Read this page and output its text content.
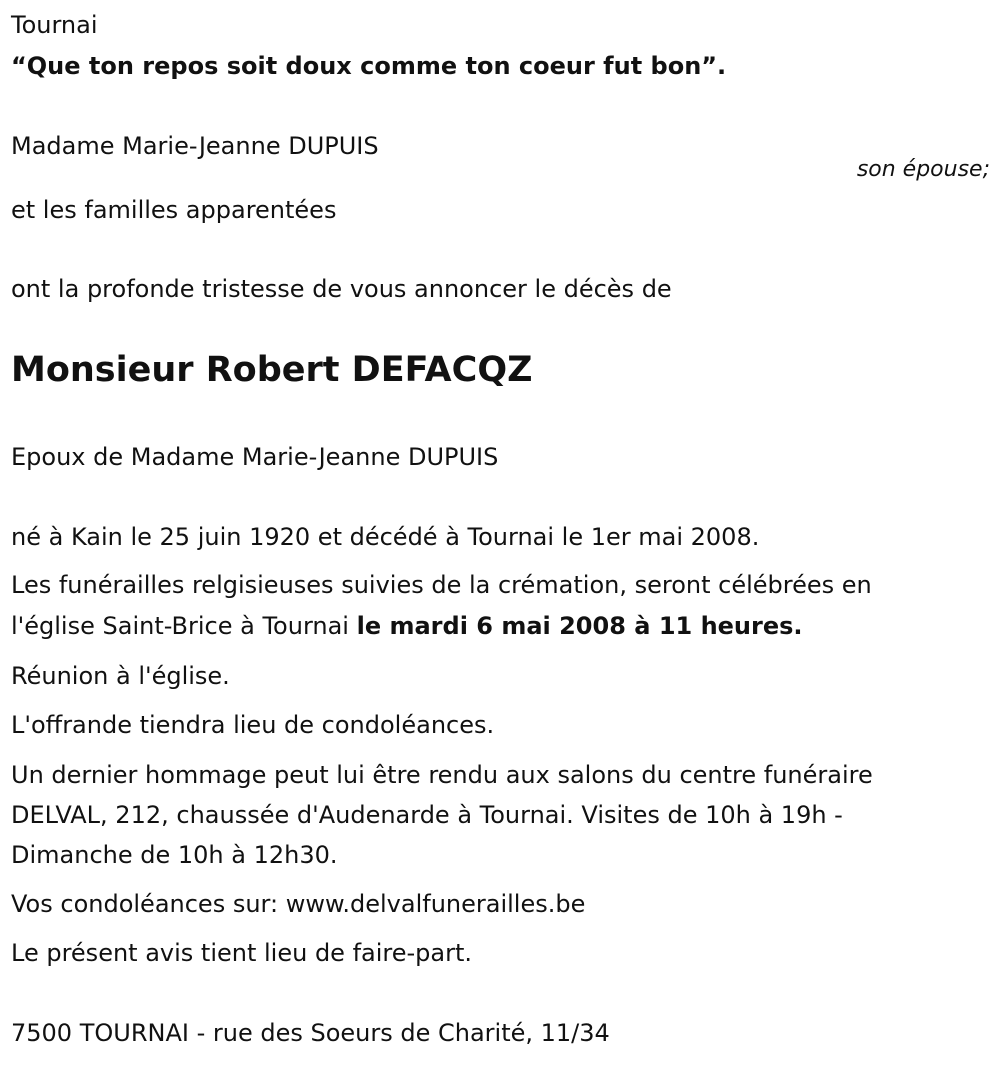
Tournai

“Que ton repos soit doux comme ton coeur fut bon”.

Madame Marie-Jeanne DUPUIS

son épouse;

et les familles apparentées

ont la profonde tristesse de vous annoncer le décès de

Monsieur Robert DEFACQZ

Epoux de Madame Marie-Jeanne DUPUIS

né à Kain le 25 juin 1920 et décédé à Tournai le 1er mai 2008.

Les funérailles relgisieuses suivies de la crémation, seront célébrées en

l'église Saint-Brice à Tournai le mardi 6 mai 2008 à 11 heures.

Réunion à l'église.

L'offrande tiendra lieu de condoléances.

Un dernier hommage peut lui être rendu aux salons du centre funéraire

DELVAL, 212, chaussée d'Audenarde à Tournai. Visites de 10h à 19h -

Dimanche de 10h à 12h30.

Vos condoléances sur: www.delvalfunerailles.be

Le présent avis tient lieu de faire-part.

7500 TOURNAI - rue des Soeurs de Charité, 11/34
